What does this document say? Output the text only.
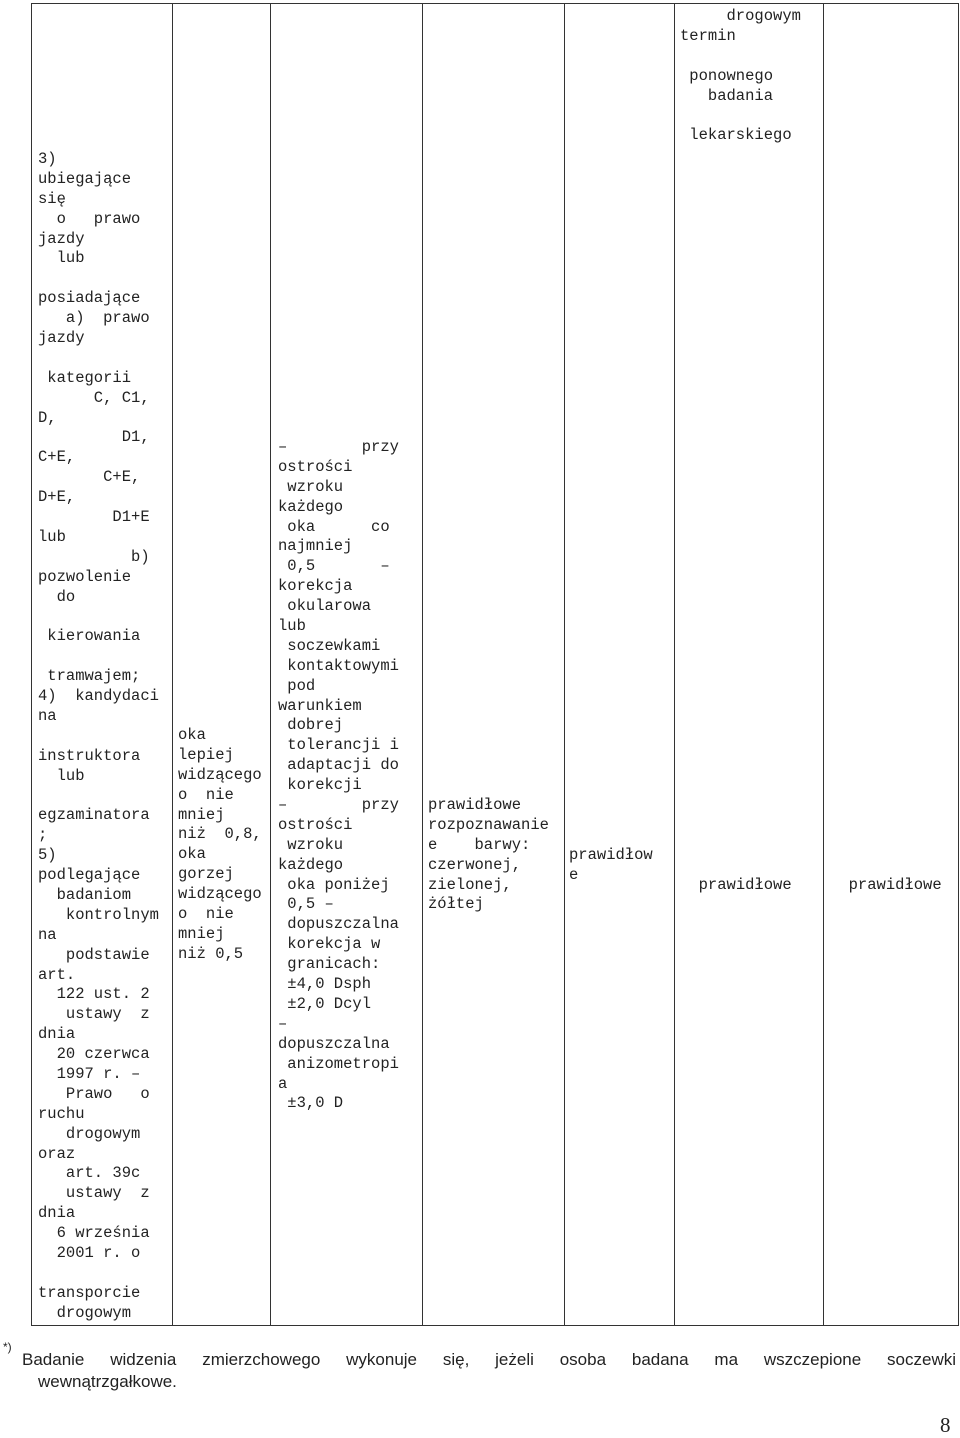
3)
ubiegające
się
o   prawo
jazdy
lub
posiadające
a)  prawo
jazdy
kategorii
C, C1,
D,
D1,
C+E,
C+E,
D+E,
D1+E
lub
b)
pozwolenie
do
kierowania
tramwajem;
4)  kandydaci
na
instruktora
lub
egzaminatora
;
5)
podlegające
badaniom
kontrolnym
na
podstawie
art.
122 ust. 2
ustawy  z
dnia
20 czerwca
1997 r. –
Prawo   o
ruchu
drogowym
oraz
art. 39c
ustawy  z
dnia
6 września
2001 r. o
transporcie
drogowym
oka
lepiej
widzącego
o  nie
mniej
niż  0,8,
oka
gorzej
widzącego
o  nie
mniej
niż 0,5
–        przy
ostrości
wzroku
każdego
oka      co
najmniej
0,5       –
korekcja
okularowa
lub
soczewkami
kontaktowymi
pod
warunkiem
dobrej
tolerancji i
adaptacji do
korekcji
–        przy
ostrości
wzroku
każdego
oka poniżej
0,5 –
dopuszczalna
korekcja w
granicach:
±4,0 Dsph
±2,0 Dcyl
–
dopuszczalna
anizometropi
a
±3,0 D
prawidłowe
rozpoznawanie
e    barwy:
czerwonej,
zielonej,
żółtej
prawidłow
e
drogowym
termin
ponownego
badania
lekarskiego

prawidłowe	prawidłowe

*)
Badanie widzenia zmierzchowego wykonuje się, jeżeli osoba badana ma wszczepione soczewki
wewnątrzgałkowe.
8
